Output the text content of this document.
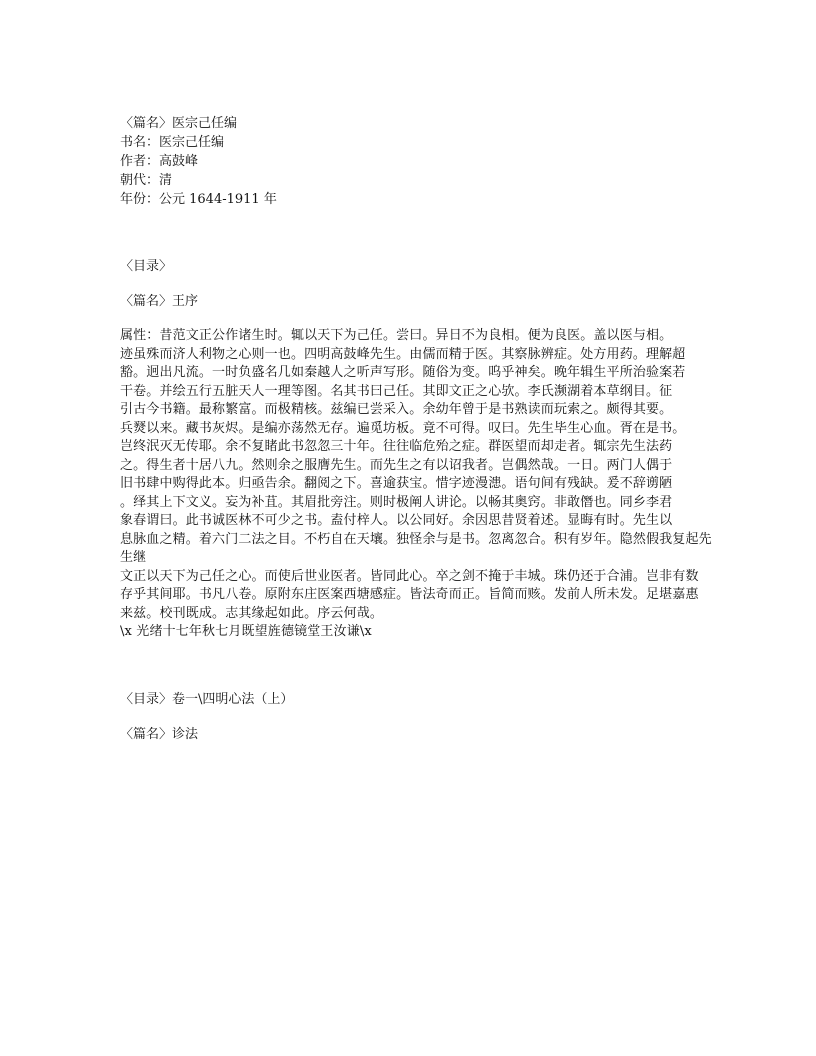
〈篇名〉医宗己任编
书名：医宗己任编
作者：高鼓峰
朝代：清
年份：公元 1644-1911 年
〈目录〉
〈篇名〉王序
属性：昔范文正公作诸生时。辄以天下为己任。尝曰。异日不为良相。便为良医。盖以医与相。
迹虽殊而济人利物之心则一也。四明高鼓峰先生。由儒而精于医。其察脉辨症。处方用药。理解超
豁。迥出凡流。一时负盛名几如秦越人之听声写形。随俗为变。呜乎神矣。晚年辑生平所治验案若
干卷。并绘五行五脏天人一理等图。名其书曰己任。其即文正之心欤。李氏濒湖着本草纲目。征
引古今书籍。最称繁富。而极精核。兹编已尝采入。余幼年曾于是书熟读而玩索之。颇得其要。
兵燹以来。藏书灰烬。是编亦荡然无存。遍觅坊板。竟不可得。叹曰。先生毕生心血。胥在是书。
岂终泯灭无传耶。余不复睹此书忽忽三十年。往往临危殆之症。群医望而却走者。辄宗先生法药
之。得生者十居八九。然则余之服膺先生。而先生之有以诏我者。岂偶然哉。一日。两门人偶于
旧书肆中购得此本。归亟告余。翻阅之下。喜逾获宝。惜字迹漫漶。语句间有残缺。爰不辞谫陋
。绎其上下文义。妄为补苴。其眉批旁注。则时极阐人讲论。以畅其奥窍。非敢僭也。同乡李君
象春谓曰。此书诚医林不可少之书。盍付梓人。以公同好。余因思昔贤着述。显晦有时。先生以
息脉血之精。着六门二法之目。不朽自在天壤。独怪余与是书。忽离忽合。积有岁年。隐然假我复起先生继
文正以天下为己任之心。而使后世业医者。皆同此心。卒之剑不掩于丰城。珠仍还于合浦。岂非有数
存乎其间耶。书凡八卷。原附东庄医案西塘感症。皆法奇而正。旨简而赅。发前人所未发。足堪嘉惠
来兹。校刊既成。志其缘起如此。序云何哉。
\x 光绪十七年秋七月既望旌德镜堂王汝谦\x
〈目录〉卷一\四明心法（上）
〈篇名〉诊法
